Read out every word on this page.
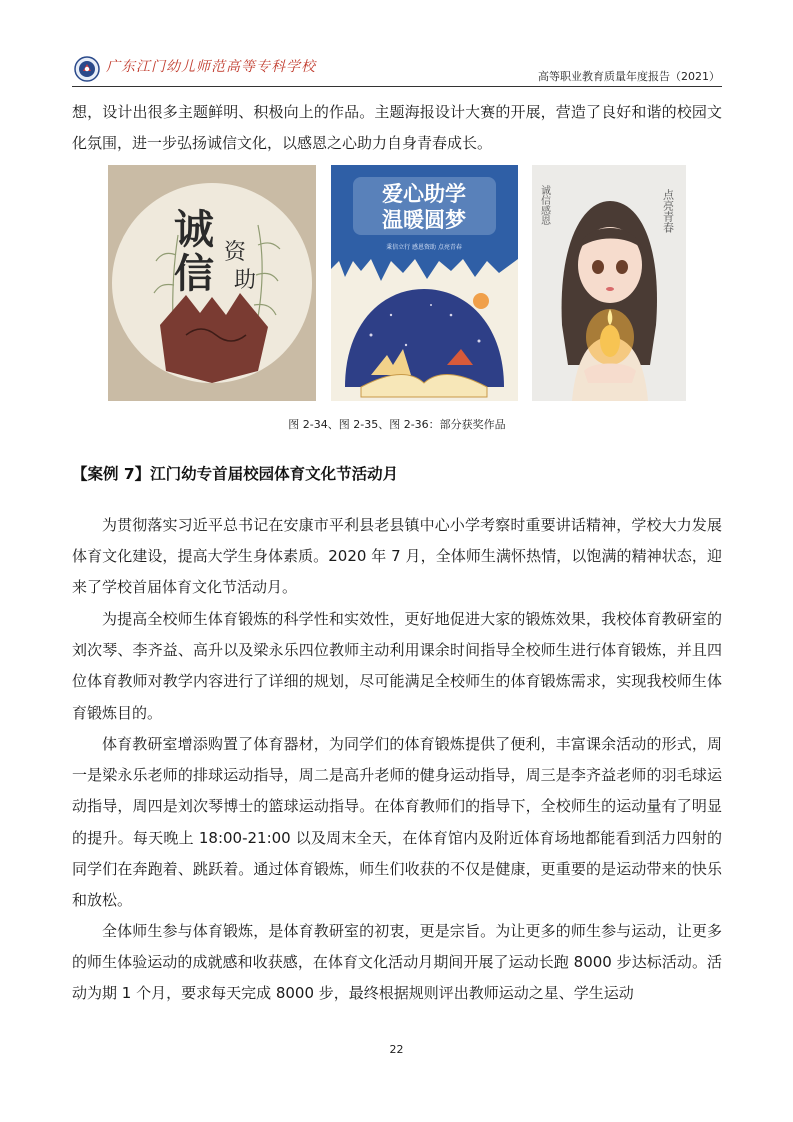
广东江门幼儿师范高等专科学校
高等职业教育质量年度报告（2021）

想，设计出很多主题鲜明、积极向上的作品。主题海报设计大赛的开展，营造了良好和谐的校园文化氛围，进一步弘扬诚信文化，以感恩之心助力自身青春成长。

诚
信 资
助
爱心助学
温暖圆梦
秉信立行 感恩资助 点亮青春
点亮青春
诚信感恩
图 2-34、图 2-35、图 2-36：部分获奖作品
【案例 7】江门幼专首届校园体育文化节活动月

为贯彻落实习近平总书记在安康市平利县老县镇中心小学考察时重要讲话精神，学校大力发展体育文化建设，提高大学生身体素质。2020 年 7 月，全体师生满怀热情，以饱满的精神状态，迎来了学校首届体育文化节活动月。

为提高全校师生体育锻炼的科学性和实效性，更好地促进大家的锻炼效果，我校体育教研室的刘次琴、李齐益、高升以及梁永乐四位教师主动利用课余时间指导全校师生进行体育锻炼，并且四位体育教师对教学内容进行了详细的规划，尽可能满足全校师生的体育锻炼需求，实现我校师生体育锻炼目的。

体育教研室增添购置了体育器材，为同学们的体育锻炼提供了便利，丰富课余活动的形式，周一是梁永乐老师的排球运动指导，周二是高升老师的健身运动指导，周三是李齐益老师的羽毛球运动指导，周四是刘次琴博士的篮球运动指导。在体育教师们的指导下，全校师生的运动量有了明显的提升。每天晚上 18:00-21:00 以及周末全天，在体育馆内及附近体育场地都能看到活力四射的同学们在奔跑着、跳跃着。通过体育锻炼，师生们收获的不仅是健康，更重要的是运动带来的快乐和放松。

全体师生参与体育锻炼，是体育教研室的初衷，更是宗旨。为让更多的师生参与运动，让更多的师生体验运动的成就感和收获感，在体育文化活动月期间开展了运动长跑 8000 步达标活动。活动为期 1 个月，要求每天完成 8000 步，最终根据规则评出教师运动之星、学生运动

22
